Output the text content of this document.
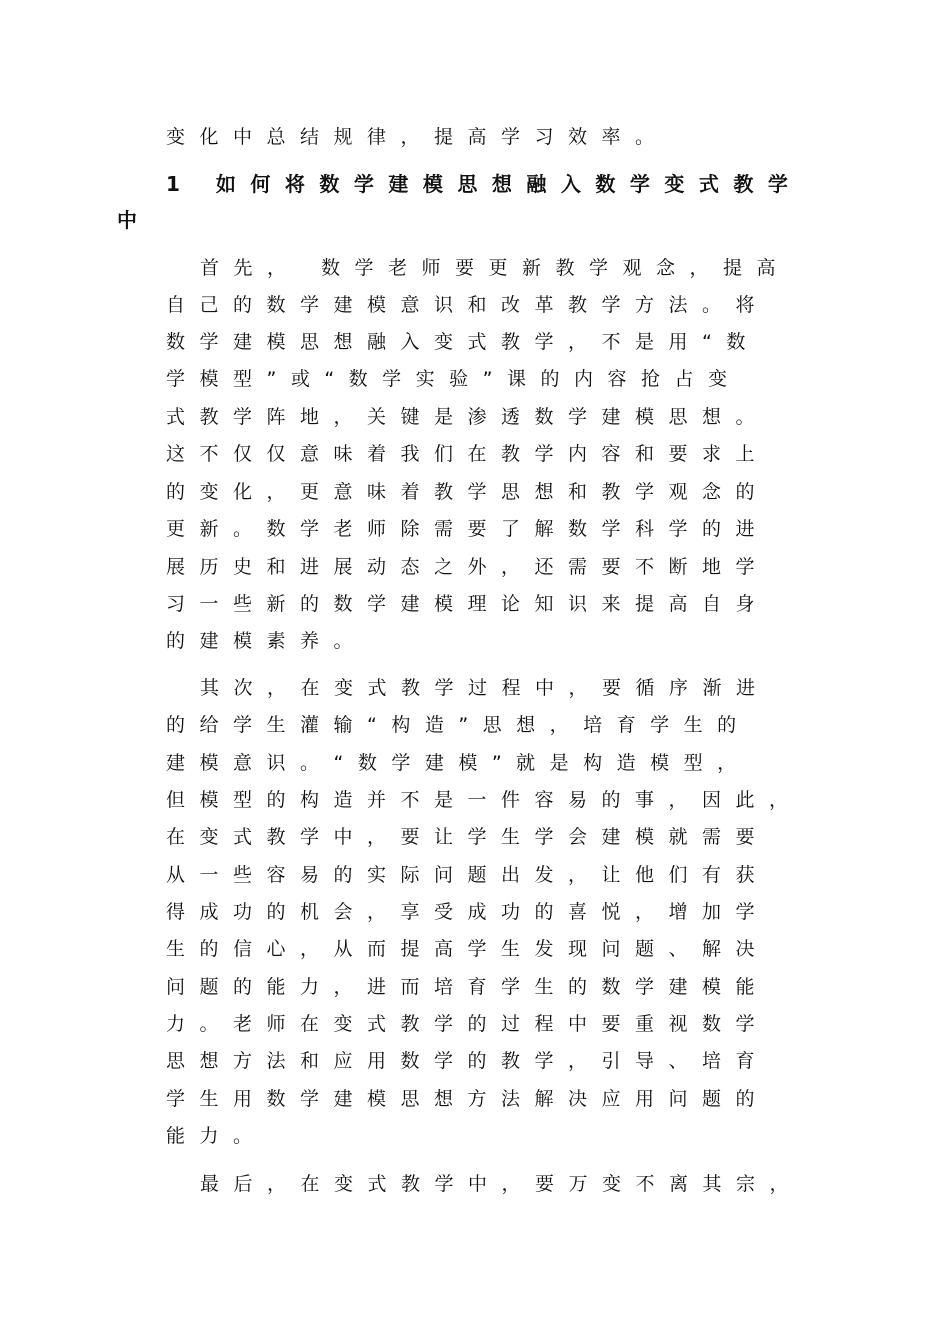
变化中总结规律，提高学习效率。
1 如何将数学建模思想融入数学变式教学
中
首先， 数学老师要更新教学观念，提高
自己的数学建模意识和改革教学方法。将
数学建模思想融入变式教学，不是用“数
学模型”或“数学实验”课的内容抢占变
式教学阵地，关键是渗透数学建模思想。
这不仅仅意味着我们在教学内容和要求上
的变化，更意味着教学思想和教学观念的
更新。数学老师除需要了解数学科学的进
展历史和进展动态之外，还需要不断地学
习一些新的数学建模理论知识来提高自身
的建模素养。
其次，在变式教学过程中，要循序渐进
的给学生灌输“构造”思想，培育学生的
建模意识。“数学建模”就是构造模型，
但模型的构造并不是一件容易的事，因此，
在变式教学中，要让学生学会建模就需要
从一些容易的实际问题出发，让他们有获
得成功的机会，享受成功的喜悦，增加学
生的信心，从而提高学生发现问题、解决
问题的能力，进而培育学生的数学建模能
力。老师在变式教学的过程中要重视数学
思想方法和应用数学的教学，引导、培育
学生用数学建模思想方法解决应用问题的
能力。
最后，在变式教学中，要万变不离其宗，
